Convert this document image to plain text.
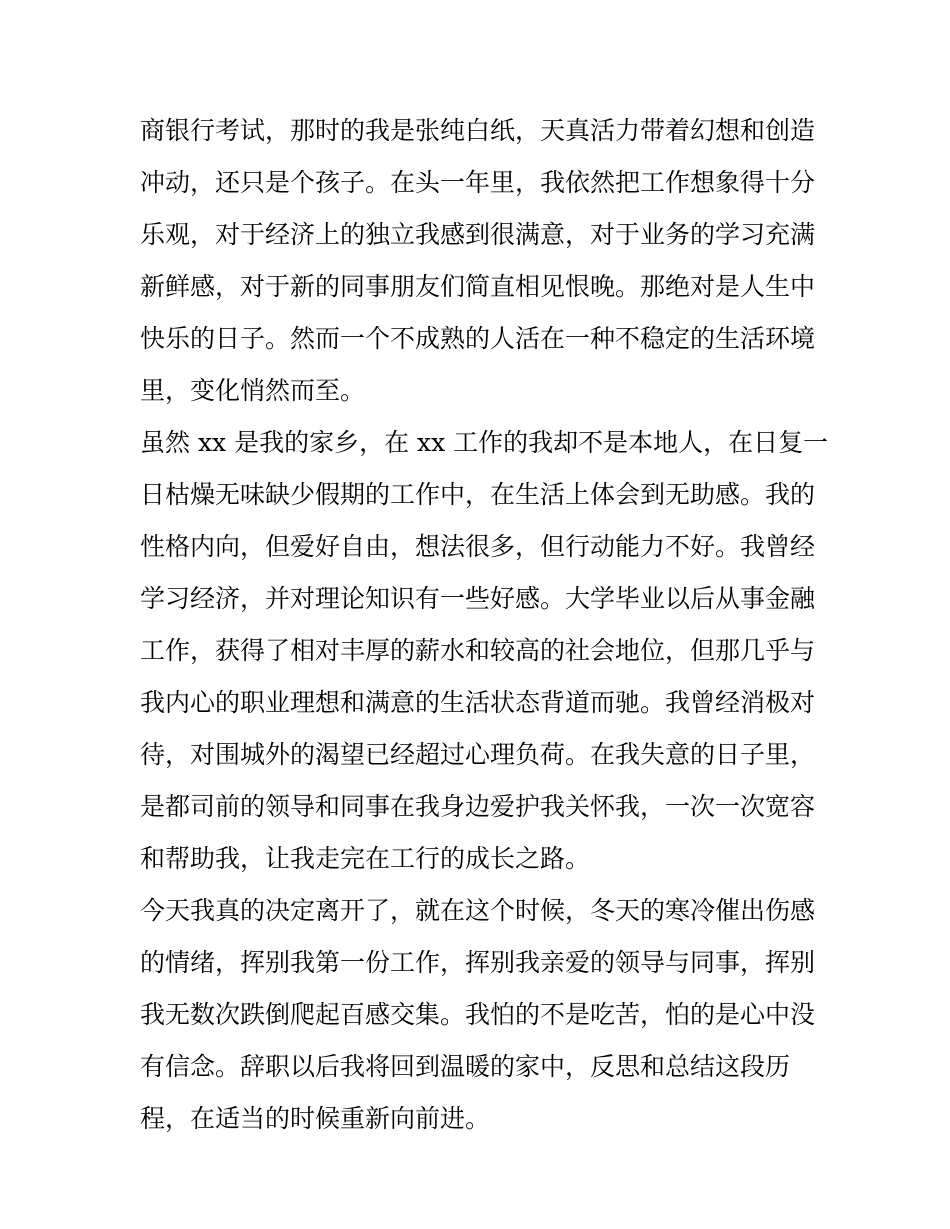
商银行考试，那时的我是张纯白纸，天真活力带着幻想和创造
冲动，还只是个孩子。在头一年里，我依然把工作想象得十分
乐观，对于经济上的独立我感到很满意，对于业务的学习充满
新鲜感，对于新的同事朋友们简直相见恨晚。那绝对是人生中
快乐的日子。然而一个不成熟的人活在一种不稳定的生活环境
里，变化悄然而至。
虽然 xx 是我的家乡，在 xx 工作的我却不是本地人，在日复一
日枯燥无味缺少假期的工作中，在生活上体会到无助感。我的
性格内向，但爱好自由，想法很多，但行动能力不好。我曾经
学习经济，并对理论知识有一些好感。大学毕业以后从事金融
工作，获得了相对丰厚的薪水和较高的社会地位，但那几乎与
我内心的职业理想和满意的生活状态背道而驰。我曾经消极对
待，对围城外的渴望已经超过心理负荷。在我失意的日子里，
是都司前的领导和同事在我身边爱护我关怀我，一次一次宽容
和帮助我，让我走完在工行的成长之路。
今天我真的决定离开了，就在这个时候，冬天的寒冷催出伤感
的情绪，挥别我第一份工作，挥别我亲爱的领导与同事，挥别
我无数次跌倒爬起百感交集。我怕的不是吃苦，怕的是心中没
有信念。辞职以后我将回到温暖的家中，反思和总结这段历
程，在适当的时候重新向前进。
